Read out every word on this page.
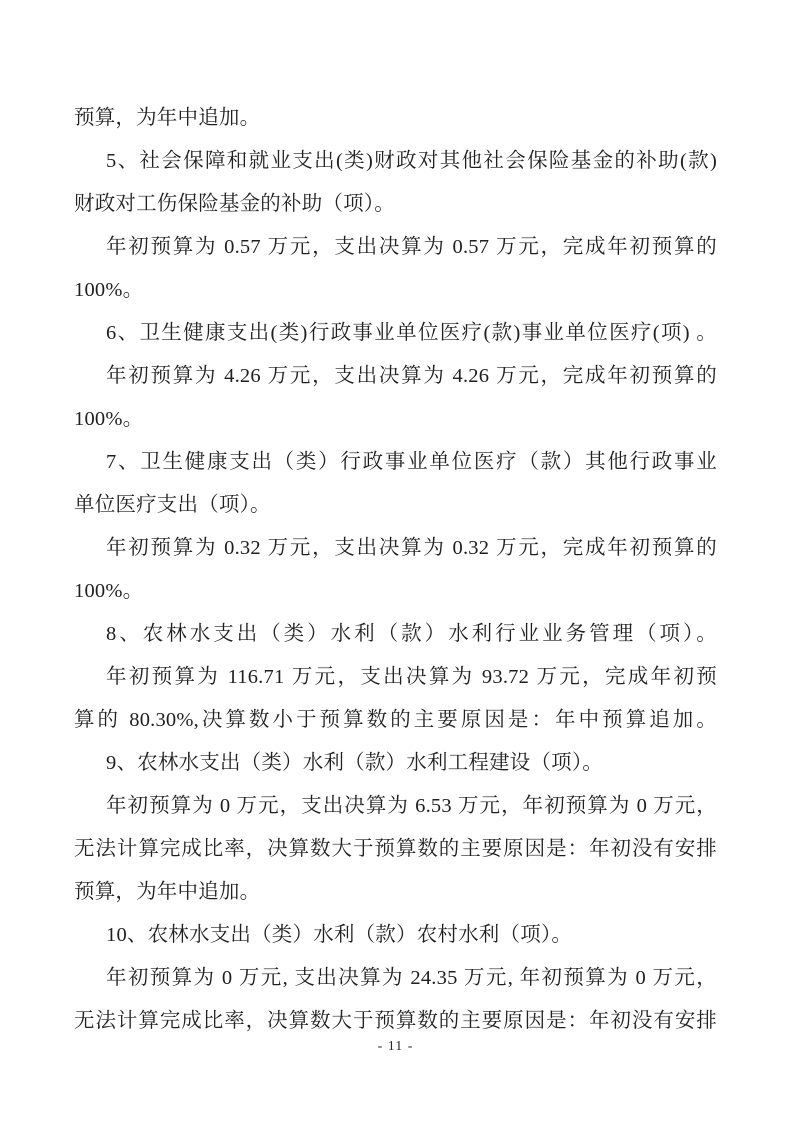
预算，为年中追加。
5、社会保障和就业支出(类)财政对其他社会保险基金的补助(款)
财政对工伤保险基金的补助（项）。
年初预算为 0.57 万元，支出决算为 0.57 万元，完成年初预算的
100%。
6、卫生健康支出(类)行政事业单位医疗(款)事业单位医疗(项) 。
年初预算为 4.26 万元，支出决算为 4.26 万元，完成年初预算的
100%。
7、卫生健康支出（类）行政事业单位医疗（款）其他行政事业
单位医疗支出（项）。
年初预算为 0.32 万元，支出决算为 0.32 万元，完成年初预算的
100%。
8、农林水支出（类）水利（款）水利行业业务管理（项）。
年初预算为 116.71 万元，支出决算为 93.72 万元，完成年初预
算的 80.30%,决算数小于预算数的主要原因是：年中预算追加。
9、农林水支出（类）水利（款）水利工程建设（项）。
年初预算为 0 万元，支出决算为 6.53 万元，年初预算为 0 万元，
无法计算完成比率，决算数大于预算数的主要原因是：年初没有安排
预算，为年中追加。
10、农林水支出（类）水利（款）农村水利（项）。
年初预算为 0 万元, 支出决算为 24.35 万元, 年初预算为 0 万元，
无法计算完成比率，决算数大于预算数的主要原因是：年初没有安排
- 11 -
